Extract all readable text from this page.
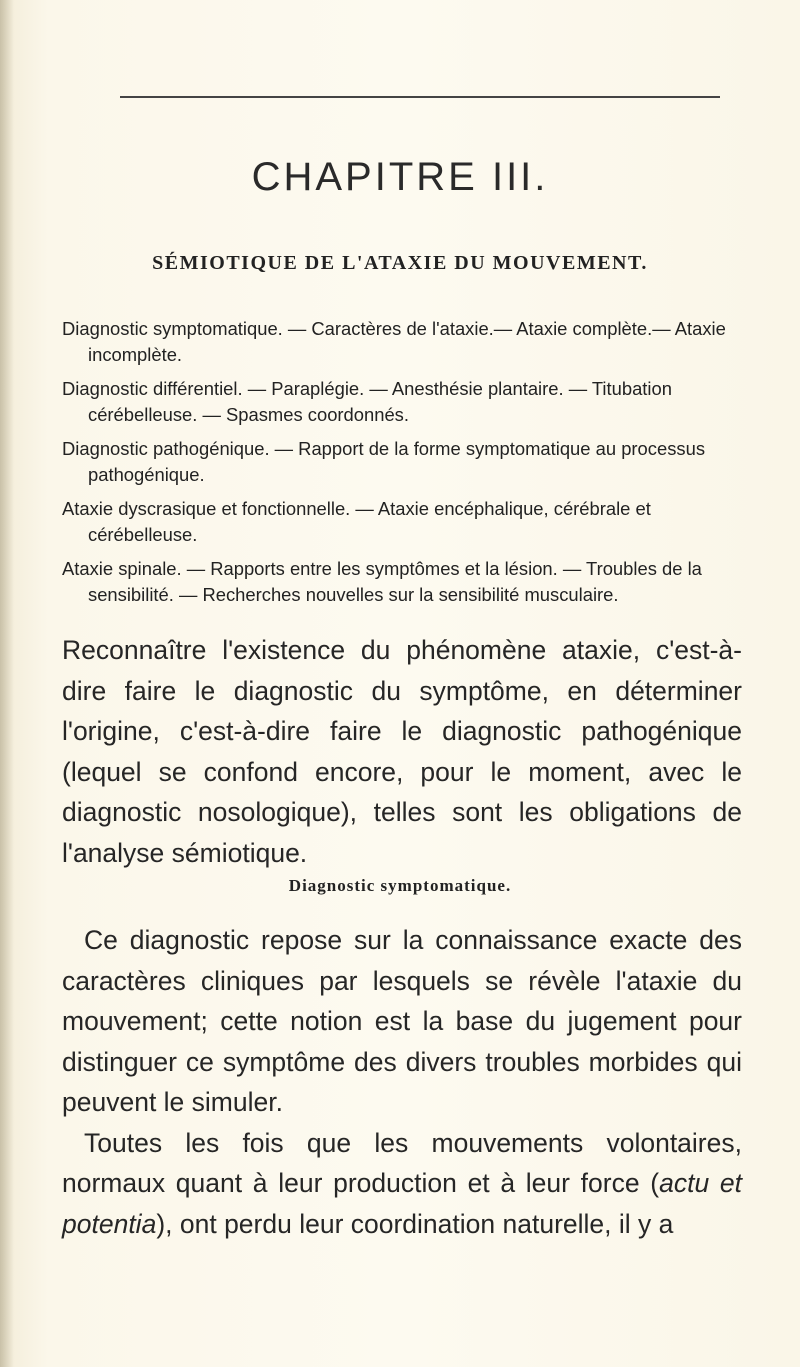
CHAPITRE III.
SÉMIOTIQUE DE L'ATAXIE DU MOUVEMENT.

Diagnostic symptomatique. — Caractères de l'ataxie.— Ataxie complète.— Ataxie incomplète.

Diagnostic différentiel. — Paraplégie. — Anesthésie plantaire. — Titubation cérébelleuse. — Spasmes coordonnés.

Diagnostic pathogénique. — Rapport de la forme symptomatique au processus pathogénique.

Ataxie dyscrasique et fonctionnelle. — Ataxie encéphalique, cérébrale et cérébelleuse.

Ataxie spinale. — Rapports entre les symptômes et la lésion. — Troubles de la sensibilité. — Recherches nouvelles sur la sensibilité musculaire.

Reconnaître l'existence du phénomène ataxie, c'est-à-dire faire le diagnostic du symptôme, en déterminer l'origine, c'est-à-dire faire le diagnostic pathogénique (lequel se confond encore, pour le moment, avec le diagnostic nosologique), telles sont les obligations de l'analyse sémiotique.

Diagnostic symptomatique.

Ce diagnostic repose sur la connaissance exacte des caractères cliniques par lesquels se révèle l'ataxie du mouvement; cette notion est la base du jugement pour distinguer ce symptôme des divers troubles morbides qui peuvent le simuler.

Toutes les fois que les mouvements volontaires, normaux quant à leur production et à leur force (actu et potentia), ont perdu leur coordination naturelle, il y a
